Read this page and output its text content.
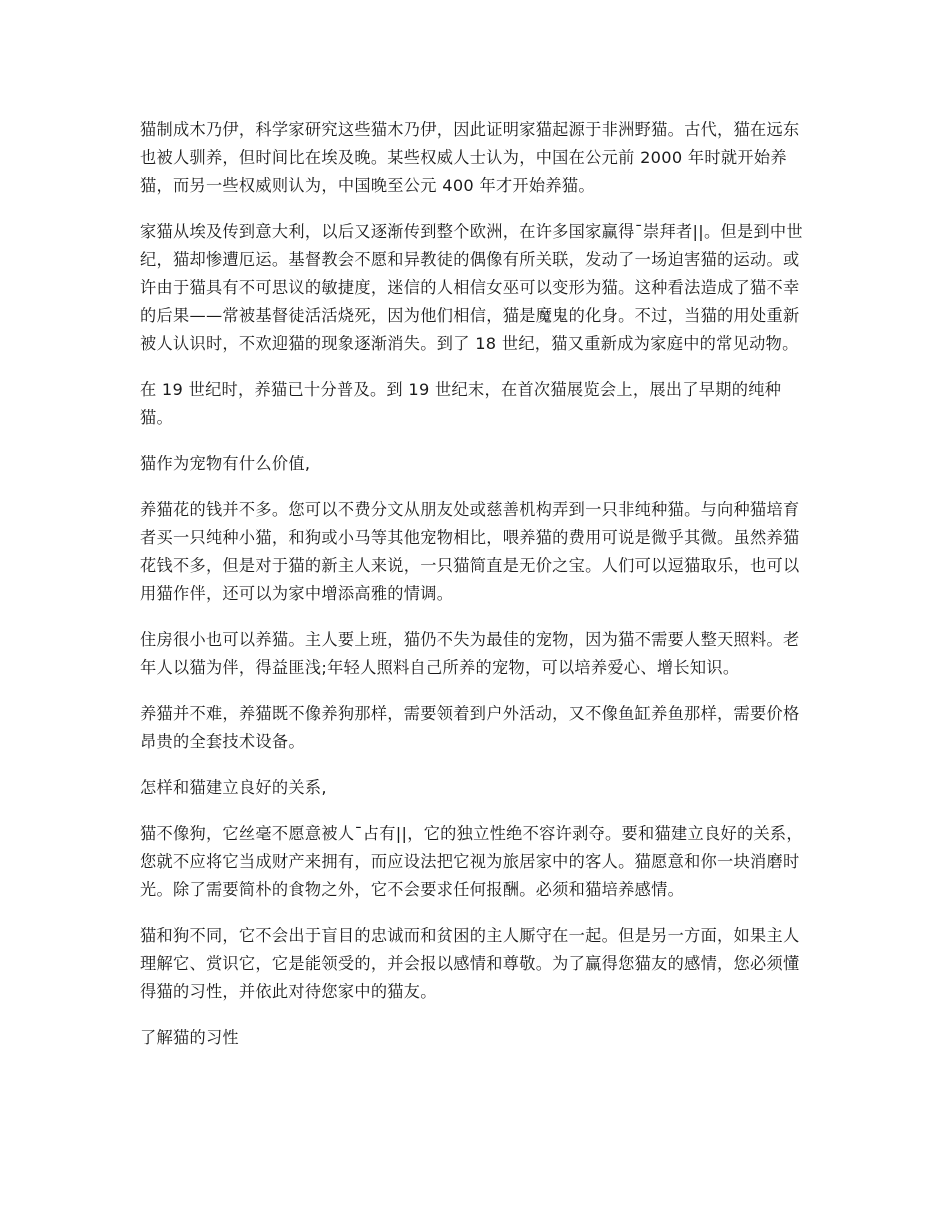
猫制成木乃伊，科学家研究这些猫木乃伊，因此证明家猫起源于非洲野猫。古代，猫在远东也被人驯养，但时间比在埃及晚。某些权威人士认为，中国在公元前 2000 年时就开始养猫，而另一些权威则认为，中国晚至公元 400 年才开始养猫。

家猫从埃及传到意大利，以后又逐渐传到整个欧洲，在许多国家赢得¯崇拜者||。但是到中世纪，猫却惨遭厄运。基督教会不愿和异教徒的偶像有所关联，发动了一场迫害猫的运动。或许由于猫具有不可思议的敏捷度，迷信的人相信女巫可以变形为猫。这种看法造成了猫不幸的后果——常被基督徒活活烧死，因为他们相信，猫是魔鬼的化身。不过，当猫的用处重新被人认识时，不欢迎猫的现象逐渐消失。到了 18 世纪，猫又重新成为家庭中的常见动物。

在 19 世纪时，养猫已十分普及。到 19 世纪末，在首次猫展览会上，展出了早期的纯种猫。

猫作为宠物有什么价值,

养猫花的钱并不多。您可以不费分文从朋友处或慈善机构弄到一只非纯种猫。与向种猫培育者买一只纯种小猫，和狗或小马等其他宠物相比，喂养猫的费用可说是微乎其微。虽然养猫花钱不多，但是对于猫的新主人来说，一只猫简直是无价之宝。人们可以逗猫取乐，也可以用猫作伴，还可以为家中增添高雅的情调。

住房很小也可以养猫。主人要上班，猫仍不失为最佳的宠物，因为猫不需要人整天照料。老年人以猫为伴，得益匪浅;年轻人照料自己所养的宠物，可以培养爱心、增长知识。

养猫并不难，养猫既不像养狗那样，需要领着到户外活动，又不像鱼缸养鱼那样，需要价格昂贵的全套技术设备。

怎样和猫建立良好的关系,

猫不像狗，它丝毫不愿意被人¯占有||，它的独立性绝不容许剥夺。要和猫建立良好的关系，您就不应将它当成财产来拥有，而应设法把它视为旅居家中的客人。猫愿意和你一块消磨时光。除了需要简朴的食物之外，它不会要求任何报酬。必须和猫培养感情。

猫和狗不同，它不会出于盲目的忠诚而和贫困的主人厮守在一起。但是另一方面，如果主人理解它、赏识它，它是能领受的，并会报以感情和尊敬。为了赢得您猫友的感情，您必须懂得猫的习性，并依此对待您家中的猫友。

了解猫的习性
